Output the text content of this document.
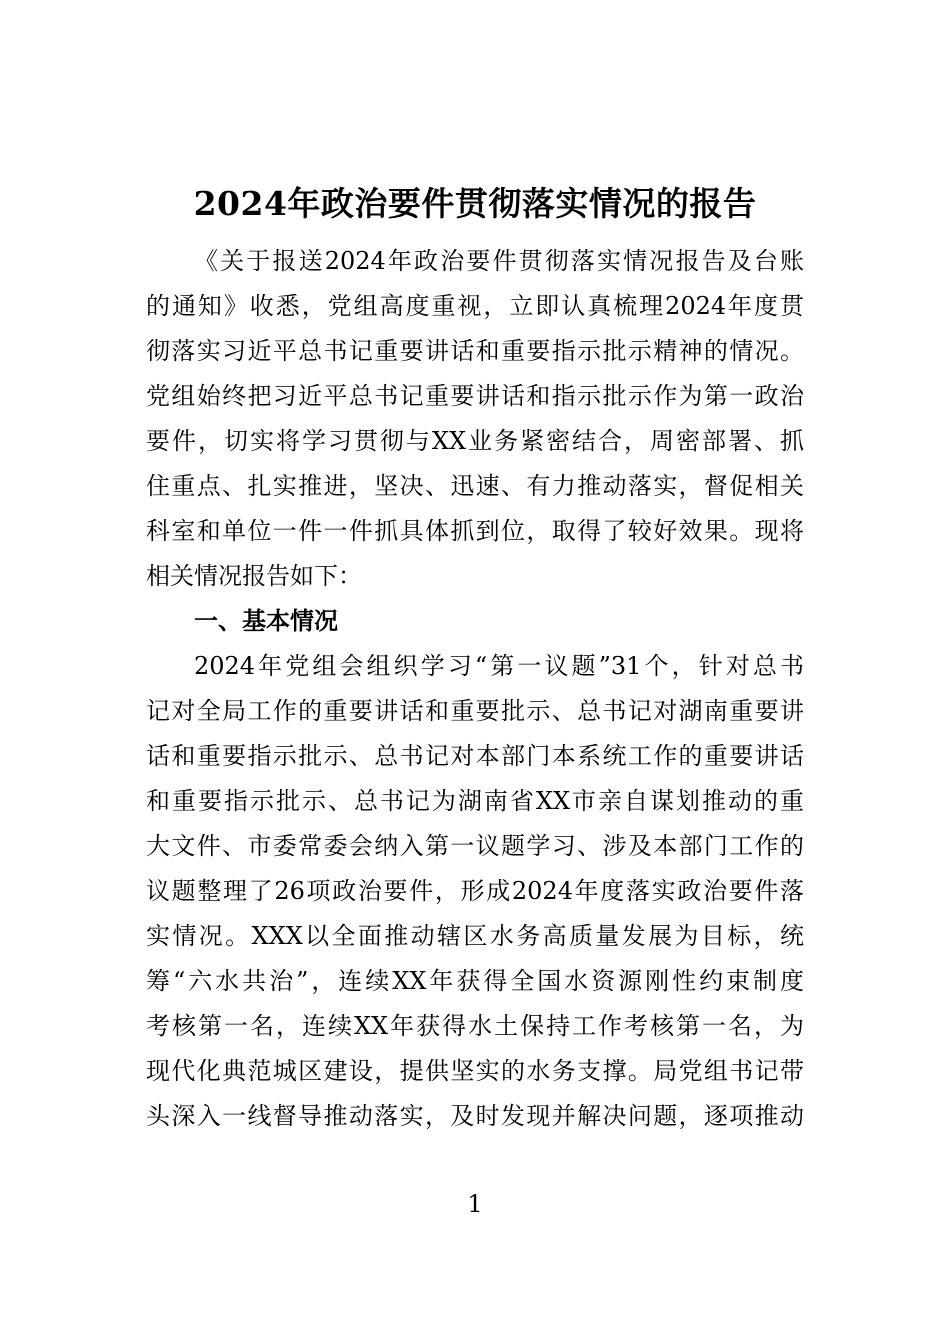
2024年政治要件贯彻落实情况的报告
《关于报送2024年政治要件贯彻落实情况报告及台账
的通知》收悉，党组高度重视，立即认真梳理2024年度贯
彻落实习近平总书记重要讲话和重要指示批示精神的情况。
党组始终把习近平总书记重要讲话和指示批示作为第一政治
要件，切实将学习贯彻与XX业务紧密结合，周密部署、抓
住重点、扎实推进，坚决、迅速、有力推动落实，督促相关
科室和单位一件一件抓具体抓到位，取得了较好效果。现将
相关情况报告如下：
一、基本情况
2024年党组会组织学习“第一议题”31个，针对总书
记对全局工作的重要讲话和重要批示、总书记对湖南重要讲
话和重要指示批示、总书记对本部门本系统工作的重要讲话
和重要指示批示、总书记为湖南省XX市亲自谋划推动的重
大文件、市委常委会纳入第一议题学习、涉及本部门工作的
议题整理了26项政治要件，形成2024年度落实政治要件落
实情况。XXX以全面推动辖区水务高质量发展为目标，统
筹“六水共治”，连续XX年获得全国水资源刚性约束制度
考核第一名，连续XX年获得水土保持工作考核第一名，为
现代化典范城区建设，提供坚实的水务支撑。局党组书记带
头深入一线督导推动落实，及时发现并解决问题，逐项推动
1
